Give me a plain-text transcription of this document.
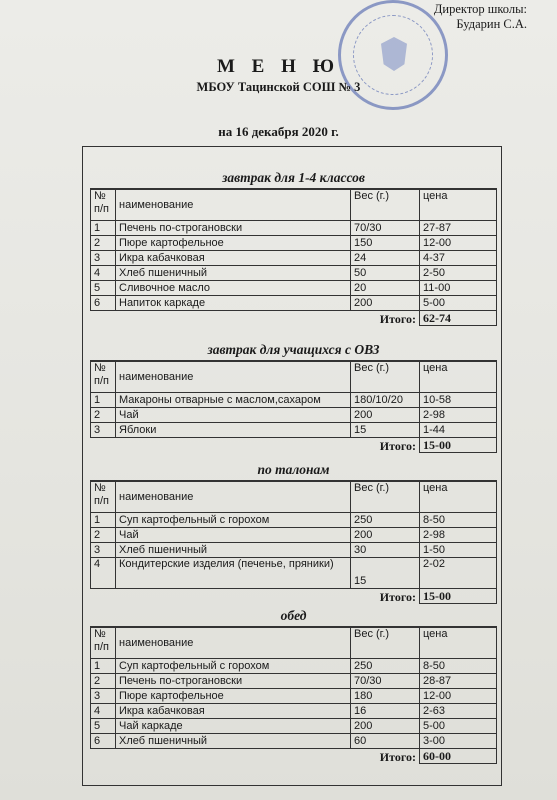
Директор школы:
Бударин С.А.
М Е Н Ю
МБОУ Тацинской СОШ № 3
на 16 декабря 2020 г.
завтрак для 1-4 классов
№ п/п	наименование	Вес (г.)	цена
1	Печень по-строгановски	70/30	27-87
2	Пюре картофельное	150	12-00
3	Икра кабачковая	24	4-37
4	Хлеб пшеничный	50	2-50
5	Сливочное масло	20	11-00
6	Напиток каркаде	200	5-00
Итого:			62-74
завтрак для учащихся с ОВЗ
№ п/п	наименование	Вес (г.)	цена
1	Макароны отварные с маслом,сахаром	180/10/20	10-58
2	Чай	200	2-98
3	Яблоки	15	1-44
Итого:			15-00
по талонам
№ п/п	наименование	Вес (г.)	цена
1	Суп картофельный с горохом	250	8-50
2	Чай	200	2-98
3	Хлеб пшеничный	30	1-50
4	Кондитерские изделия (печенье, пряники)	15	2-02
Итого:			15-00
обед
№ п/п	наименование	Вес (г.)	цена
1	Суп картофельный с горохом	250	8-50
2	Печень по-строгановски	70/30	28-87
3	Пюре картофельное	180	12-00
4	Икра кабачковая	16	2-63
5	Чай каркаде	200	5-00
6	Хлеб пшеничный	60	3-00
Итого:			60-00
